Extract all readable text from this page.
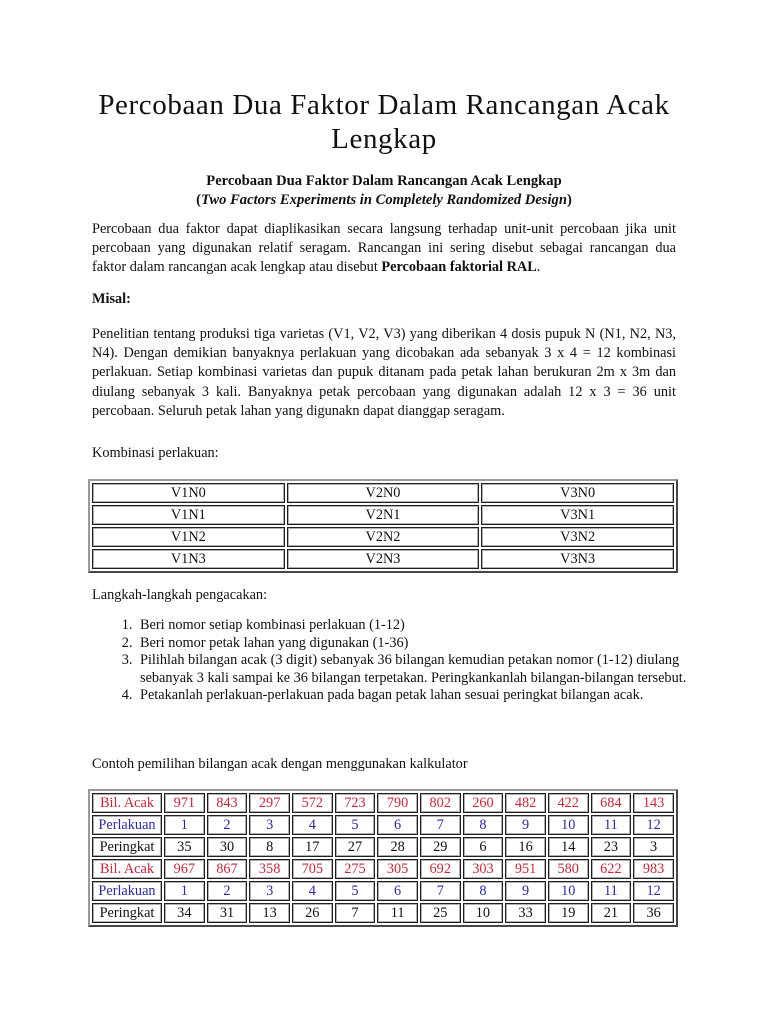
Percobaan Dua Faktor Dalam Rancangan Acak Lengkap
Percobaan Dua Faktor Dalam Rancangan Acak Lengkap
(Two Factors Experiments in Completely Randomized Design)

Percobaan dua faktor dapat diaplikasikan secara langsung terhadap unit-unit percobaan jika unit percobaan yang digunakan relatif seragam. Rancangan ini sering disebut sebagai rancangan dua faktor dalam rancangan acak lengkap atau disebut Percobaan faktorial RAL.

Misal:

Penelitian tentang produksi tiga varietas (V1, V2, V3) yang diberikan 4 dosis pupuk N (N1, N2, N3, N4). Dengan demikian banyaknya perlakuan yang dicobakan ada sebanyak 3 x 4 = 12 kombinasi perlakuan. Setiap kombinasi varietas dan pupuk ditanam pada petak lahan berukuran 2m x 3m dan diulang sebanyak 3 kali. Banyaknya petak percobaan yang digunakan adalah 12 x 3 = 36 unit percobaan. Seluruh petak lahan yang digunakn dapat dianggap seragam.

Kombinasi perlakuan:

V1N0	V2N0	V3N0
V1N1	V2N1	V3N1
V1N2	V2N2	V3N2
V1N3	V2N3	V3N3

Langkah-langkah pengacakan:

1. Beri nomor setiap kombinasi perlakuan (1-12)
2. Beri nomor petak lahan yang digunakan (1-36)
3. Pilihlah bilangan acak (3 digit) sebanyak 36 bilangan kemudian petakan nomor (1-12) diulang sebanyak 3 kali sampai ke 36 bilangan terpetakan. Peringkankanlah bilangan-bilangan tersebut.
4. Petakanlah perlakuan-perlakuan pada bagan petak lahan sesuai peringkat bilangan acak.

Contoh pemilihan bilangan acak dengan menggunakan kalkulator

Bil. Acak	971	843	297	572	723	790	802	260	482	422	684	143
Perlakuan	1	2	3	4	5	6	7	8	9	10	11	12
Peringkat	35	30	8	17	27	28	29	6	16	14	23	3
Bil. Acak	967	867	358	705	275	305	692	303	951	580	622	983
Perlakuan	1	2	3	4	5	6	7	8	9	10	11	12
Peringkat	34	31	13	26	7	11	25	10	33	19	21	36
